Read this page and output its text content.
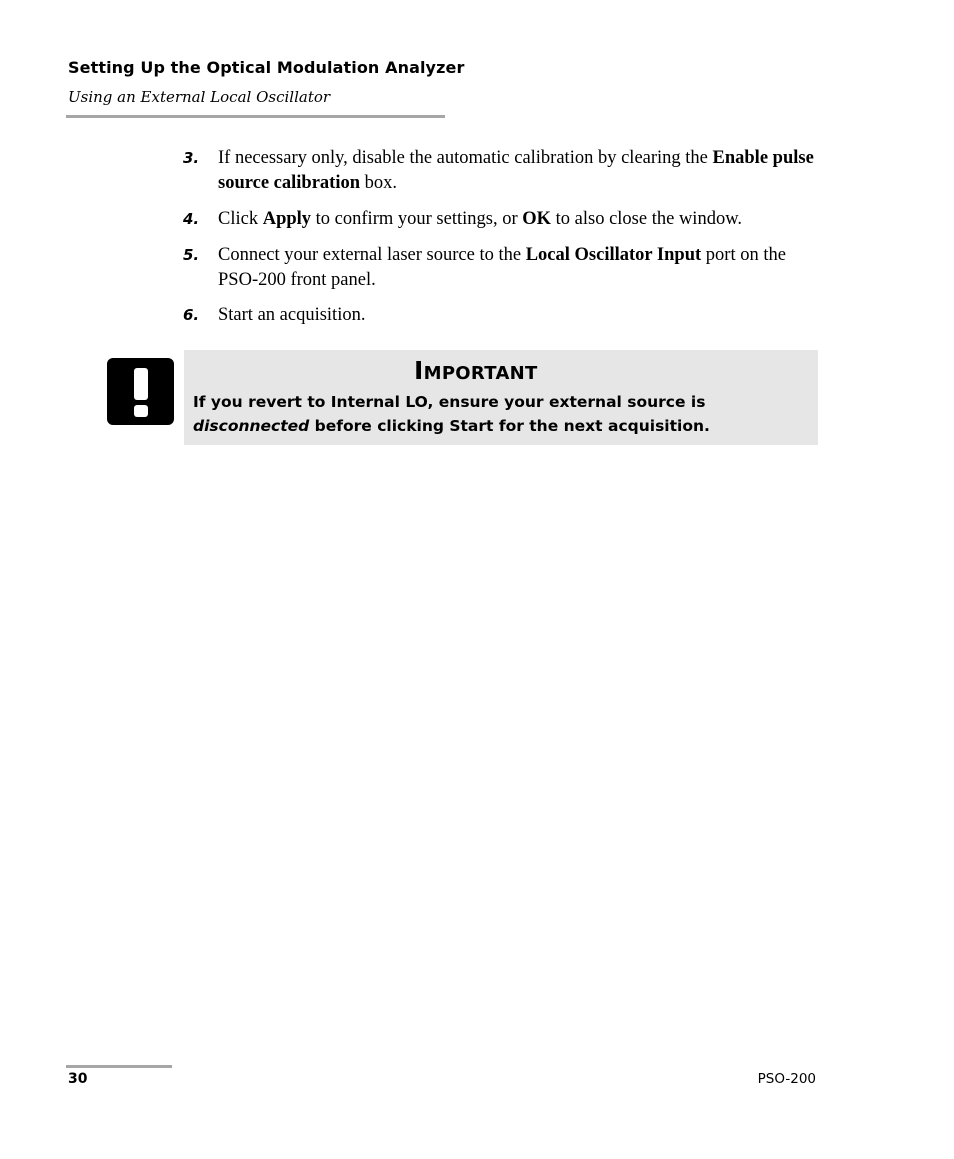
Setting Up the Optical Modulation Analyzer
Using an External Local Oscillator
3. If necessary only, disable the automatic calibration by clearing the Enable pulse source calibration box.
4. Click Apply to confirm your settings, or OK to also close the window.
5. Connect your external laser source to the Local Oscillator Input port on the PSO-200 front panel.
6. Start an acquisition.
Important
If you revert to Internal LO, ensure your external source is disconnected before clicking Start for the next acquisition.
30	PSO-200
